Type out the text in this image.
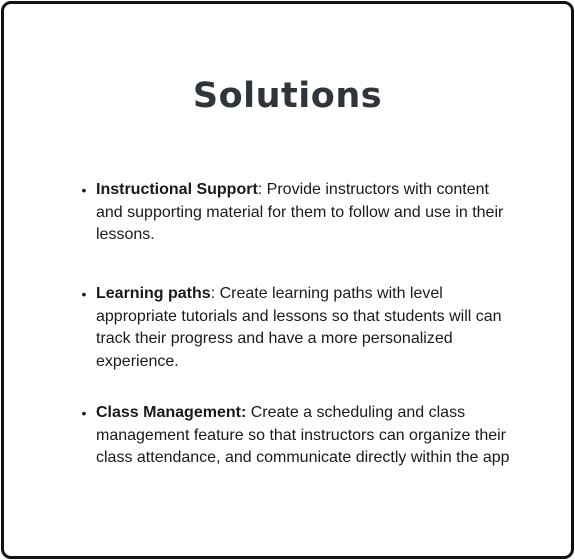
Solutions
• Instructional Support: Provide instructors with content and supporting material for them to follow and use in their lessons.
• Learning paths: Create learning paths with level appropriate tutorials and lessons so that students will can track their progress and have a more personalized experience.
• Class Management: Create a scheduling and class management feature so that instructors can organize their class attendance, and communicate directly within the app
